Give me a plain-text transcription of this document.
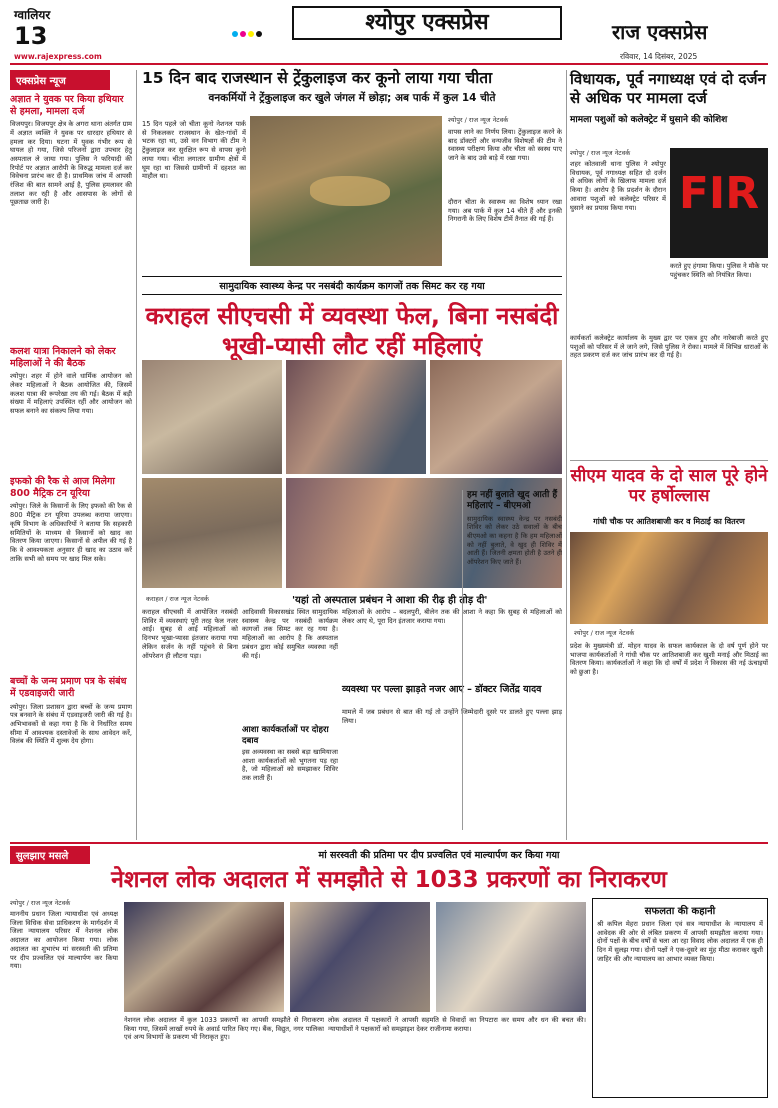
ग्वालियर
13
www.rajexpress.com
श्योपुर एक्सप्रेस	राज एक्सप्रेस
रविवार, 14 दिसंबर, 2025
एक्सप्रेस न्यूज
अज्ञात ने युवक पर किया हथियार से हमला, मामला दर्ज
विजयपुर। विजयपुर क्षेत्र के अगरा थाना अंतर्गत ग्राम में अज्ञात व्यक्ति ने युवक पर धारदार हथियार से हमला कर दिया। घटना में युवक गंभीर रूप से घायल हो गया, जिसे परिजनों द्वारा उपचार हेतु अस्पताल ले जाया गया। पुलिस ने फरियादी की रिपोर्ट पर अज्ञात आरोपी के विरुद्ध मामला दर्ज कर विवेचना प्रारंभ कर दी है। प्राथमिक जांच में आपसी रंजिश की बात सामने आई है, पुलिस हमलावर की तलाश कर रही है और आसपास के लोगों से पूछताछ जारी है।
कलश यात्रा निकालने को लेकर महिलाओं ने की बैठक
श्योपुर। शहर में होने वाले धार्मिक आयोजन को लेकर महिलाओं ने बैठक आयोजित की, जिसमें कलश यात्रा की रूपरेखा तय की गई। बैठक में बड़ी संख्या में महिलाएं उपस्थित रहीं और आयोजन को सफल बनाने का संकल्प लिया गया।
इफको की रैक से आज मिलेगा 800 मैट्रिक टन यूरिया
श्योपुर। जिले के किसानों के लिए इफको की रैक से 800 मैट्रिक टन यूरिया उपलब्ध कराया जाएगा। कृषि विभाग के अधिकारियों ने बताया कि सहकारी समितियों के माध्यम से किसानों को खाद का वितरण किया जाएगा। किसानों से अपील की गई है कि वे आवश्यकता अनुसार ही खाद का उठाव करें ताकि सभी को समय पर खाद मिल सके।
बच्चों के जन्म प्रमाण पत्र के संबंध में एडवाइजरी जारी
श्योपुर। जिला प्रशासन द्वारा बच्चों के जन्म प्रमाण पत्र बनवाने के संबंध में एडवाइजरी जारी की गई है। अभिभावकों से कहा गया है कि वे निर्धारित समय सीमा में आवश्यक दस्तावेजों के साथ आवेदन करें, विलंब की स्थिति में शुल्क देय होगा।
15 दिन बाद राजस्थान से ट्रेंकुलाइज कर कूनो लाया गया चीता
वनकर्मियों ने ट्रेंकुलाइज कर खुले जंगल में छोड़ा; अब पार्क में कुल 14 चीते
श्योपुर / राज न्यूज नेटवर्क
15 दिन पहले जो चीता कूनो नेशनल पार्क से निकलकर राजस्थान के खेत-गांवों में भटक रहा था, उसे वन विभाग की टीम ने ट्रेंकुलाइज कर सुरक्षित रूप से वापस कूनो लाया गया। चीता लगातार ग्रामीण क्षेत्रों में घूम रहा था जिससे ग्रामीणों में दहशत का माहौल था।
वापस लाने का निर्णय लिया। ट्रेंकुलाइज करने के बाद डॉक्टरों और वन्यजीव विशेषज्ञों की टीम ने स्वास्थ्य परीक्षण किया और चीता को स्वस्थ पाए जाने के बाद उसे बाड़े में रखा गया।
दौरान चीता के स्वास्थ्य का विशेष ध्यान रखा गया। अब पार्क में कुल 14 चीते हैं और इनकी निगरानी के लिए विशेष टीमें तैनात की गई हैं।
सामुदायिक स्वास्थ्य केन्द्र पर नसबंदी कार्यक्रम कागजों तक सिमट कर रह गया
कराहल सीएचसी में व्यवस्था फेल, बिना नसबंदी भूखी-प्यासी लौट रहीं महिलाएं
कराहल / राज न्यूज नेटवर्क	'यहां तो अस्पताल प्रबंधन ने आशा की रीढ़ ही तोड़ दी'
कराहल सीएचसी में आयोजित नसबंदी शिविर में व्यवस्थाएं पूरी तरह फेल नजर आईं। सुबह से आईं महिलाओं को दिनभर भूखा-प्यासा इंतजार कराया गया लेकिन सर्जन के नहीं पहुंचने से बिना ऑपरेशन ही लौटना पड़ा।
आदिवासी विकासखंड स्थित सामुदायिक स्वास्थ्य केन्द्र पर नसबंदी कार्यक्रम कागजों तक सिमट कर रह गया है। महिलाओं का आरोप है कि अस्पताल प्रबंधन द्वारा कोई समुचित व्यवस्था नहीं की गई।
महिलाओं के आरोप – बदलपुरी, बीलेन तक की आशा ने कहा कि सुबह से महिलाओं को लेकर आए थे, पूरा दिन इंतजार कराया गया।
आशा कार्यकर्ताओं पर दोहरा दबाव
इस अव्यवस्था का सबसे बड़ा खामियाजा आशा कार्यकर्ताओं को भुगतना पड़ रहा है, जो महिलाओं को समझाकर शिविर तक लाती हैं।
व्यवस्था पर पल्ला झाड़ते नजर आए – डॉक्टर जितेंद्र यादव
मामले में जब प्रबंधन से बात की गई तो उन्होंने जिम्मेदारी दूसरे पर डालते हुए पल्ला झाड़ लिया।
हम नहीं बुलाते खुद आती हैं महिलाएं – बीएमओ
सामुदायिक स्वास्थ्य केन्द्र पर नसबंदी शिविर को लेकर उठे सवालों के बीच बीएमओ का कहना है कि हम महिलाओं को नहीं बुलाते, वे खुद ही शिविर में आती हैं। जितनी क्षमता होती है उतने ही ऑपरेशन किए जाते हैं।
विधायक, पूर्व नगाध्यक्ष एवं दो दर्जन से अधिक पर मामला दर्ज
मामला पशुओं को कलेक्ट्रेट में घुसाने की कोशिश
श्योपुर / राज न्यूज नेटवर्क
शहर कोतवाली थाना पुलिस ने श्योपुर विधायक, पूर्व नगाध्यक्ष सहित दो दर्जन से अधिक लोगों के खिलाफ मामला दर्ज किया है। आरोप है कि प्रदर्शन के दौरान आवारा पशुओं को कलेक्ट्रेट परिसर में घुसाने का प्रयास किया गया। FIR
करते हुए हंगामा किया। पुलिस ने मौके पर पहुंचकर स्थिति को नियंत्रित किया।
कार्यकर्ता कलेक्ट्रेट कार्यालय के मुख्य द्वार पर एकत्र हुए और नारेबाजी करते हुए पशुओं को परिसर में ले जाने लगे, जिसे पुलिस ने रोका। मामले में विभिन्न धाराओं के तहत प्रकरण दर्ज कर जांच प्रारंभ कर दी गई है।
सीएम यादव के दो साल पूरे होने पर हर्षोल्लास
गांधी चौक पर आतिशबाजी कर व मिठाई का वितरण
श्योपुर / राज न्यूज नेटवर्क
प्रदेश के मुख्यमंत्री डॉ. मोहन यादव के सफल कार्यकाल के दो वर्ष पूर्ण होने पर भाजपा कार्यकर्ताओं ने गांधी चौक पर आतिशबाजी कर खुशी मनाई और मिठाई का वितरण किया। कार्यकर्ताओं ने कहा कि दो वर्षों में प्रदेश ने विकास की नई ऊंचाइयों को छुआ है।
सुलझाए मसले	मां सरस्वती की प्रतिमा पर दीप प्रज्वलित एवं माल्यार्पण कर किया गया
नेशनल लोक अदालत में समझौते से 1033 प्रकरणों का निराकरण
श्योपुर / राज न्यूज नेटवर्क
माननीय प्रधान जिला न्यायाधीश एवं अध्यक्ष जिला विधिक सेवा प्राधिकरण के मार्गदर्शन में जिला न्यायालय परिसर में नेशनल लोक अदालत का आयोजन किया गया। लोक अदालत का शुभारंभ मां सरस्वती की प्रतिमा पर दीप प्रज्वलित एवं माल्यार्पण कर किया गया।
नेशनल लोक अदालत में कुल 1033 प्रकरणों का आपसी समझौते से निराकरण किया गया, जिसमें लाखों रुपये के अवार्ड पारित किए गए। बैंक, विद्युत, नगर पालिका एवं अन्य विभागों के प्रकरण भी निराकृत हुए।
लोक अदालत में पक्षकारों ने आपसी सहमति से विवादों का निपटारा कर समय और धन की बचत की। न्यायाधीशों ने पक्षकारों को समझाइश देकर राजीनामा कराया।
सफलता की कहानी
श्री कपिल मेहरा प्रधान जिला एवं सत्र न्यायाधीश के न्यायालय में आवेदक की ओर से लंबित प्रकरण में आपसी समझौता कराया गया। दोनों पक्षों के बीच वर्षों से चला आ रहा विवाद लोक अदालत में एक ही दिन में सुलझ गया। दोनों पक्षों ने एक-दूसरे का मुंह मीठा कराकर खुशी जाहिर की और न्यायालय का आभार व्यक्त किया।
